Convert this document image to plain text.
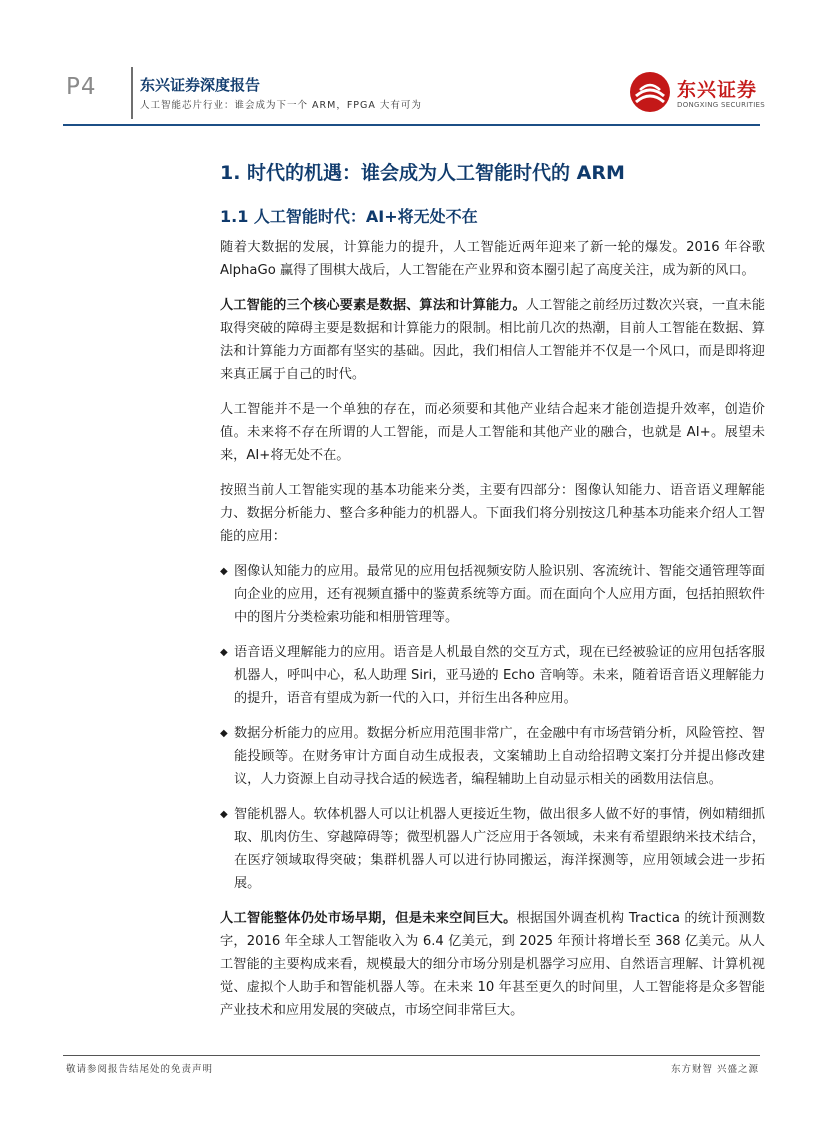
P4	东兴证券深度报告
人工智能芯片行业：谁会成为下一个 ARM，FPGA 大有可为
东兴证券
DONGXING SECURITIES
1. 时代的机遇：谁会成为人工智能时代的 ARM
1.1 人工智能时代：AI+将无处不在

随着大数据的发展，计算能力的提升，人工智能近两年迎来了新一轮的爆发。2016 年谷歌 AlphaGo 赢得了围棋大战后，人工智能在产业界和资本圈引起了高度关注，成为新的风口。

人工智能的三个核心要素是数据、算法和计算能力。人工智能之前经历过数次兴衰，一直未能取得突破的障碍主要是数据和计算能力的限制。相比前几次的热潮，目前人工智能在数据、算法和计算能力方面都有坚实的基础。因此，我们相信人工智能并不仅是一个风口，而是即将迎来真正属于自己的时代。

人工智能并不是一个单独的存在，而必须要和其他产业结合起来才能创造提升效率，创造价值。未来将不存在所谓的人工智能，而是人工智能和其他产业的融合，也就是 AI+。展望未来，AI+将无处不在。

按照当前人工智能实现的基本功能来分类，主要有四部分：图像认知能力、语音语义理解能力、数据分析能力、整合多种能力的机器人。下面我们将分别按这几种基本功能来介绍人工智能的应用：

◆ 图像认知能力的应用。最常见的应用包括视频安防人脸识别、客流统计、智能交通管理等面向企业的应用，还有视频直播中的鉴黄系统等方面。而在面向个人应用方面，包括拍照软件中的图片分类检索功能和相册管理等。
◆ 语音语义理解能力的应用。语音是人机最自然的交互方式，现在已经被验证的应用包括客服机器人，呼叫中心，私人助理 Siri，亚马逊的 Echo 音响等。未来，随着语音语义理解能力的提升，语音有望成为新一代的入口，并衍生出各种应用。
◆ 数据分析能力的应用。数据分析应用范围非常广，在金融中有市场营销分析，风险管控、智能投顾等。在财务审计方面自动生成报表，文案辅助上自动给招聘文案打分并提出修改建议，人力资源上自动寻找合适的候选者，编程辅助上自动显示相关的函数用法信息。
◆ 智能机器人。软体机器人可以让机器人更接近生物，做出很多人做不好的事情，例如精细抓取、肌肉仿生、穿越障碍等；微型机器人广泛应用于各领域，未来有希望跟纳米技术结合，在医疗领域取得突破；集群机器人可以进行协同搬运，海洋探测等，应用领域会进一步拓展。

人工智能整体仍处市场早期，但是未来空间巨大。根据国外调查机构 Tractica 的统计预测数字，2016 年全球人工智能收入为 6.4 亿美元，到 2025 年预计将增长至 368 亿美元。从人工智能的主要构成来看，规模最大的细分市场分别是机器学习应用、自然语言理解、计算机视觉、虚拟个人助手和智能机器人等。在未来 10 年甚至更久的时间里，人工智能将是众多智能产业技术和应用发展的突破点，市场空间非常巨大。

敬请参阅报告结尾处的免责声明	东方财智 兴盛之源
